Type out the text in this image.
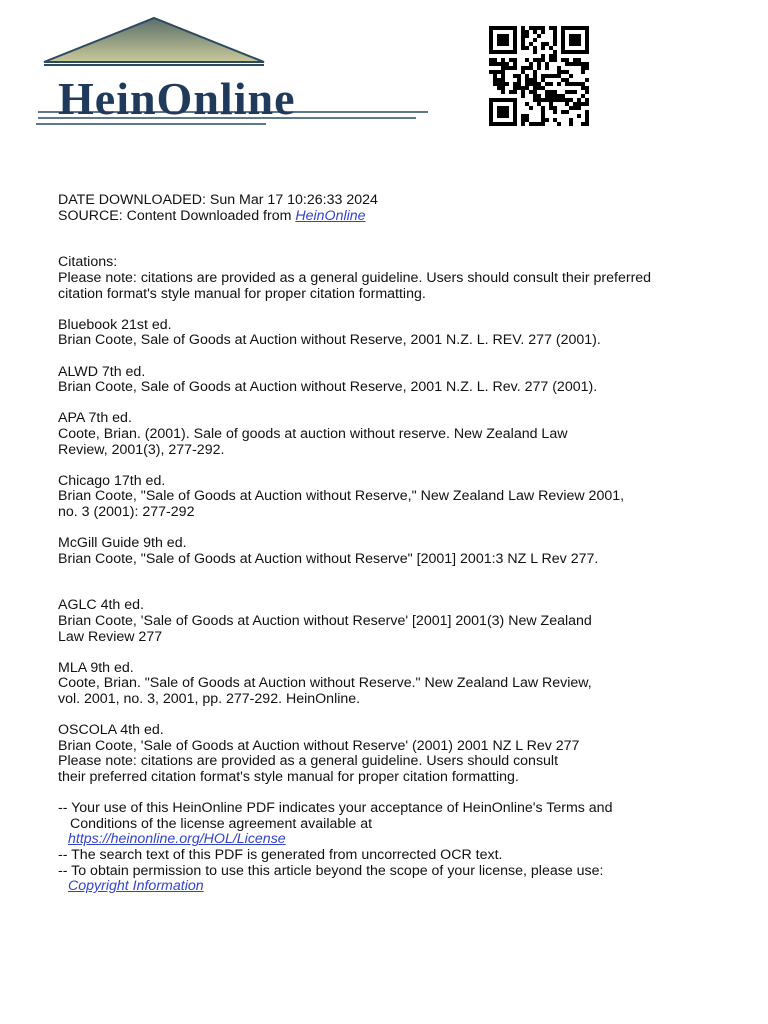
HeinOnline
DATE DOWNLOADED: Sun Mar 17 10:26:33 2024
SOURCE: Content Downloaded from HeinOnline
Citations:
Please note: citations are provided as a general guideline. Users should consult their preferred
citation format's style manual for proper citation formatting.
Bluebook 21st ed.
Brian Coote, Sale of Goods at Auction without Reserve, 2001 N.Z. L. REV. 277 (2001).
ALWD 7th ed.
Brian Coote, Sale of Goods at Auction without Reserve, 2001 N.Z. L. Rev. 277 (2001).
APA 7th ed.
Coote, Brian. (2001). Sale of goods at auction without reserve. New Zealand Law
Review, 2001(3), 277-292.
Chicago 17th ed.
Brian Coote, "Sale of Goods at Auction without Reserve," New Zealand Law Review 2001,
no. 3 (2001): 277-292
McGill Guide 9th ed.
Brian Coote, "Sale of Goods at Auction without Reserve" [2001] 2001:3 NZ L Rev 277.
AGLC 4th ed.
Brian Coote, 'Sale of Goods at Auction without Reserve' [2001] 2001(3) New Zealand
Law Review 277
MLA 9th ed.
Coote, Brian. "Sale of Goods at Auction without Reserve." New Zealand Law Review,
vol. 2001, no. 3, 2001, pp. 277-292. HeinOnline.
OSCOLA 4th ed.
Brian Coote, 'Sale of Goods at Auction without Reserve' (2001) 2001 NZ L Rev 277
Please note: citations are provided as a general guideline. Users should consult
their preferred citation format's style manual for proper citation formatting.
-- Your use of this HeinOnline PDF indicates your acceptance of HeinOnline's Terms and
Conditions of the license agreement available at
https://heinonline.org/HOL/License
-- The search text of this PDF is generated from uncorrected OCR text.
-- To obtain permission to use this article beyond the scope of your license, please use:
Copyright Information
